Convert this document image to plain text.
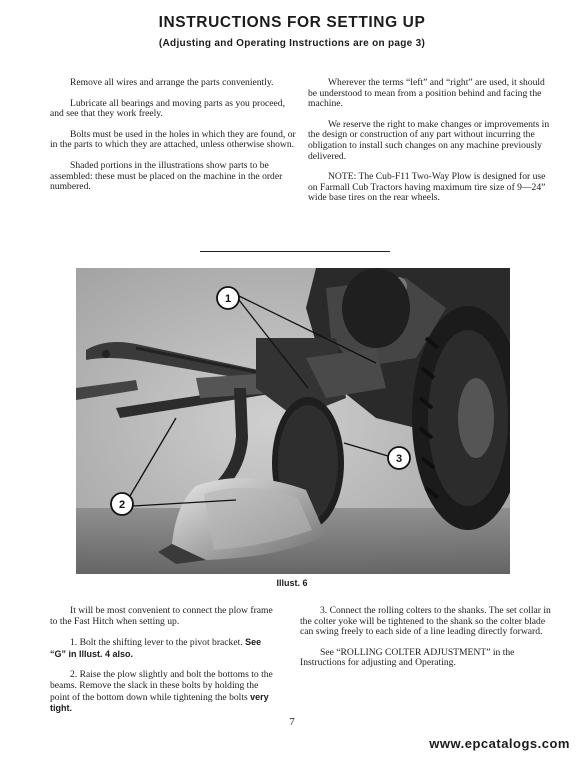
INSTRUCTIONS FOR SETTING UP
(Adjusting and Operating Instructions are on page 3)

Remove all wires and arrange the parts conveniently.

Lubricate all bearings and moving parts as you proceed, and see that they work freely.

Bolts must be used in the holes in which they are found, or in the parts to which they are attached, unless otherwise shown.

Shaded portions in the illustrations show parts to be assembled: these must be placed on the machine in the order numbered.

Wherever the terms “left” and “right” are used, it should be understood to mean from a position behind and facing the machine.

We reserve the right to make changes or improvements in the design or construction of any part without incurring the obligation to install such changes on any machine previously delivered.

NOTE: The Cub-F11 Two-Way Plow is designed for use on Farmall Cub Tractors having maximum tire size of 9—24” wide base tires on the rear wheels.

1
2
3
Illust. 6

It will be most convenient to connect the plow frame to the Fast Hitch when setting up.

1. Bolt the shifting lever to the pivot bracket. See “G” in Illust. 4 also.

2. Raise the plow slightly and bolt the bottoms to the beams. Remove the slack in these bolts by holding the point of the bottom down while tightening the bolts very tight.

3. Connect the rolling colters to the shanks. The set collar in the colter yoke will be tightened to the shank so the colter blade can swing freely to each side of a line leading directly forward.

See “ROLLING COLTER ADJUSTMENT” in the Instructions for adjusting and Operating.

7
www.epcatalogs.com
